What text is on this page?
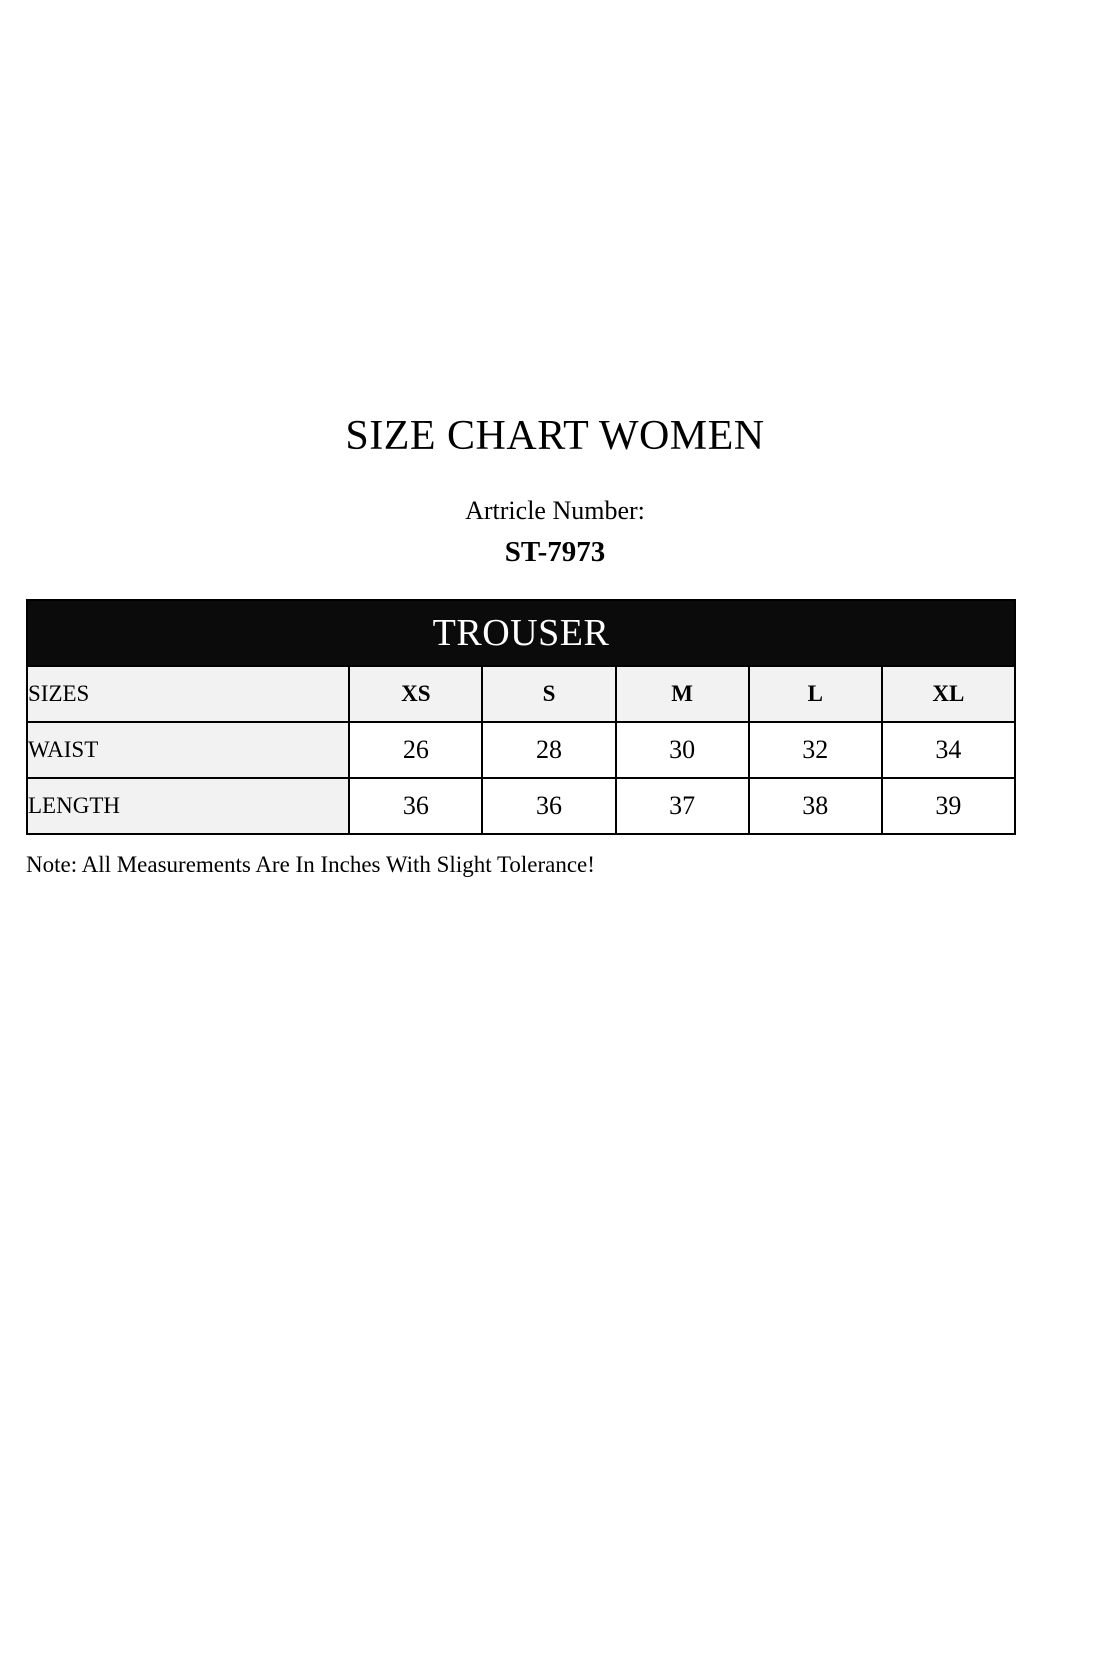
SIZE CHART WOMEN
Artricle Number:
ST-7973
TROUSER					
SIZES	XS	S	M	L	XL
WAIST	26	28	30	32	34
LENGTH	36	36	37	38	39
Note: All Measurements Are In Inches With Slight Tolerance!
